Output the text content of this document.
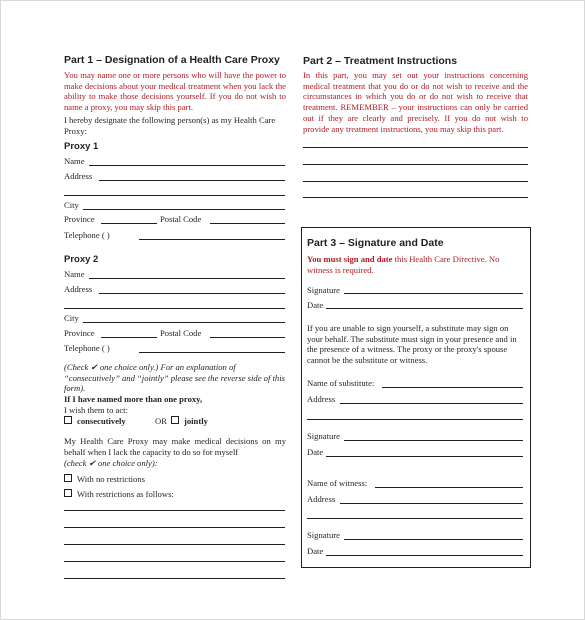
Part 1 – Designation of a Health Care Proxy
You may name one or more persons who will have the power to make decisions about your medical treatment when you lack the ability to make those decisions yourself. If you do not wish to name a proxy, you may skip this part.
I hereby designate the following person(s) as my Health Care Proxy:
Proxy 1
Name
Address
City
Province	Postal Code
Telephone ( )
Proxy 2
Name
Address
City
Province	Postal Code
Telephone ( )
(Check ✔ one choice only.) For an explanation of “consecutively” and “jointly” please see the reverse side of this form).
If I have named more than one proxy,
I wish them to act:
consecutively	OR	jointly
My Health Care Proxy may make medical decisions on my behalf when I lack the capacity to do so for myself
(check ✔ one choice only):
With no restrictions
With restrictions as follows:
Part 2 – Treatment Instructions
In this part, you may set out your instructions concerning medical treatment that you do or do not wish to receive and the circumstances in which you do or do not wish to receive that treatment. REMEMBER – your instructions can only be carried out if they are clearly and precisely. If you do not wish to provide any treatment instructions, you may skip this part.
Part 3 – Signature and Date
You must sign and date this Health Care Directive. No witness is required.
Signature
Date
If you are unable to sign yourself, a substitute may sign on your behalf. The substitute must sign in your presence and in the presence of a witness. The proxy or the proxy's spouse cannot be the substitute or witness.
Name of substitute:
Address
Signature
Date
Name of witness:
Address
Signature
Date
